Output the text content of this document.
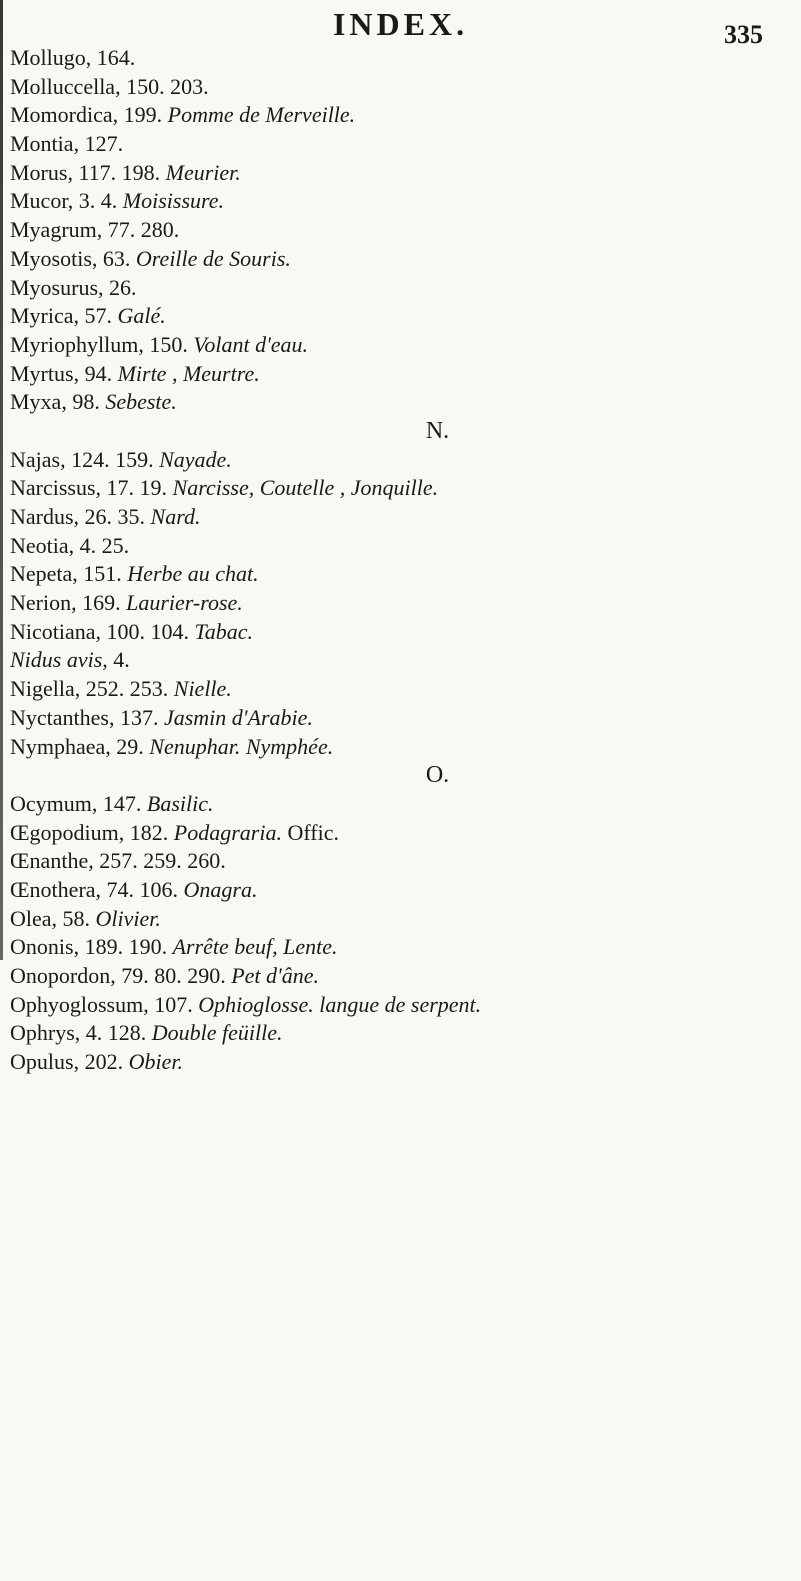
INDEX.	335
Mollugo, 164.
Molluccella, 150. 203.
Momordica, 199. Pomme de Merveille.
Montia, 127.
Morus, 117. 198. Meurier.
Mucor, 3. 4. Moisissure.
Myagrum, 77. 280.
Myosotis, 63. Oreille de Souris.
Myosurus, 26.
Myrica, 57. Galé.
Myriophyllum, 150. Volant d'eau.
Myrtus, 94. Mirte , Meurtre.
Myxa, 98. Sebeste.
N.
Najas, 124. 159. Nayade.
Narcissus, 17. 19. Narcisse, Coutelle , Jonquille.
Nardus, 26. 35. Nard.
Neotia, 4. 25.
Nepeta, 151. Herbe au chat.
Nerion, 169. Laurier-rose.
Nicotiana, 100. 104. Tabac.
Nidus avis, 4.
Nigella, 252. 253. Nielle.
Nyctanthes, 137. Jasmin d'Arabie.
Nymphaea, 29. Nenuphar. Nymphée.
O.
Ocymum, 147. Basilic.
Œgopodium, 182. Podagraria. Offic.
Œnanthe, 257. 259. 260.
Œnothera, 74. 106. Onagra.
Olea, 58. Olivier.
Ononis, 189. 190. Arrête beuf, Lente.
Onopordon, 79. 80. 290. Pet d'âne.
Ophyoglossum, 107. Ophioglosse. langue de serpent.
Ophrys, 4. 128. Double feüille.
Opulus, 202. Obier.
